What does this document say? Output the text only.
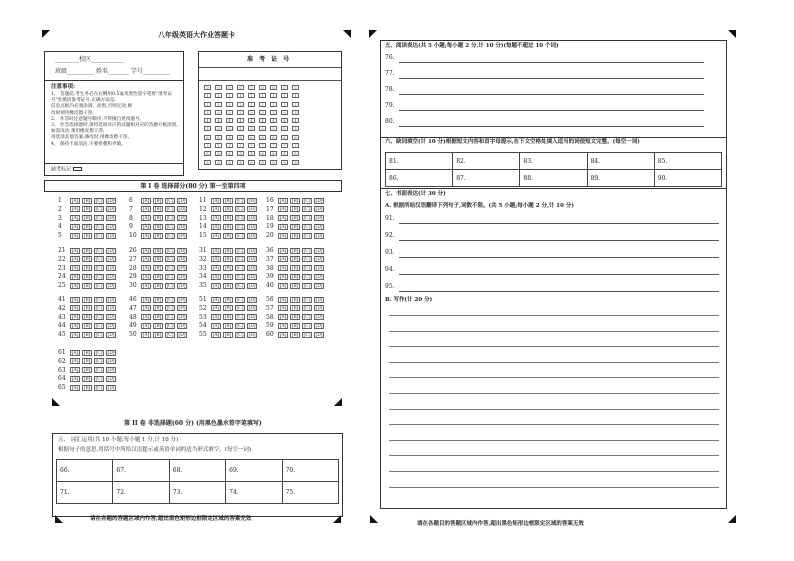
八年级英语大作业答题卡
________校区___________
班级_________ 姓名_______ 学号_________
注意事项:
1、 答题前,考生务必在右侧用0.5毫米黑色签字笔将"准考证号"处填清准考证号,正确方法是:
信息点框内必须涂满、涂黑,否则无效;修
改时须用橡皮擦干净。
2、 作答时注意题号顺序,不得擅自更改题号。
3、 作答选择题时,须将选项对应的试题相对应的答题方框涂黑,如需改动,须用橡皮擦干净,
再选涂其他答案;修改时,用橡皮擦干净。
4、 保持卡面清洁,不要折叠和弄破。
缺考标记
准 考 证 号
0	0	0	0	0	0	0	0	0
1	1	1	1	1	1	1	1	1
2	2	2	2	2	2	2	2	2
3	3	3	3	3	3	3	3	3
4	4	4	4	4	4	4	4	4
5	5	5	5	5	5	5	5	5
6	6	6	6	6	6	6	6	6
7	7	7	7	7	7	7	7	7
8	8	8	8	8	8	8	8	8
9	9	9	9	9	9	9	9	9
第 I 卷 选择部分(80 分) 第一至第四项
1 [A] [B] [C] [D]
2 [A] [B] [C] [D]
3 [A] [B] [C] [D]
4 [A] [B] [C] [D]
5 [A] [B] [C] [D]
6 [A] [B] [C] [D]
7 [A] [B] [C] [D]
8 [A] [B] [C] [D]
9 [A] [B] [C] [D]
10 [A] [B] [C] [D]
11 [A] [B] [C] [D]
12 [A] [B] [C] [D]
13 [A] [B] [C] [D]
14 [A] [B] [C] [D]
15 [A] [B] [C] [D]
16 [A] [B] [C] [D]
17 [A] [B] [C] [D]
18 [A] [B] [C] [D]
19 [A] [B] [C] [D]
20 [A] [B] [C] [D]
21 [A] [B] [C] [D]
22 [A] [B] [C] [D]
23 [A] [B] [C] [D]
24 [A] [B] [C] [D]
25 [A] [B] [C] [D]
26 [A] [B] [C] [D]
27 [A] [B] [C] [D]
28 [A] [B] [C] [D]
29 [A] [B] [C] [D]
30 [A] [B] [C] [D]
31 [A] [B] [C] [D]
32 [A] [B] [C] [D]
33 [A] [B] [C] [D]
34 [A] [B] [C] [D]
35 [A] [B] [C] [D]
36 [A] [B] [C] [D]
37 [A] [B] [C] [D]
38 [A] [B] [C] [D]
39 [A] [B] [C] [D]
40 [A] [B] [C] [D]
41 [A] [B] [C] [D]
42 [A] [B] [C] [D]
43 [A] [B] [C] [D]
44 [A] [B] [C] [D]
45 [A] [B] [C] [D]
46 [A] [B] [C] [D]
47 [A] [B] [C] [D]
48 [A] [B] [C] [D]
49 [A] [B] [C] [D]
50 [A] [B] [C] [D]
51 [A] [B] [C] [D]
52 [A] [B] [C] [D]
53 [A] [B] [C] [D]
54 [A] [B] [C] [D]
55 [A] [B] [C] [D]
56 [A] [B] [C] [D]
57 [A] [B] [C] [D]
58 [A] [B] [C] [D]
59 [A] [B] [C] [D]
60 [A] [B] [C] [D]
61 [A] [B] [C] [D]
62 [A] [B] [C] [D]
63 [A] [B] [C] [D]
64 [A] [B] [C] [D]
65 [A] [B] [C] [D]
第 II 卷 非选择题(60 分) (用黑色墨水签字笔填写)
五、 词汇运用(共 10 小题;每小题 1 分,计 10 分)
根据句子的意思,用括号中所给汉语提示或英语单词的适当形式填空。(每空一词)
66.	67.	68.	69.	70.
71.	72.	73.	74.	75.
请在各题的答题区域内作答,超出黑色矩形边框限定区域的答案无效
五、阅读表达(共 5 小题;每小题 2 分,计 10 分)(每题不超过 10 个词)
76.
77.
78.
79.
80.
六、缺词填空(计 10 分)根据短文内容和首字母提示,在下文空格处填入适当的词使短文完整。(每空一词)
81.	82.	83.	84.	85.
86.	87.	88.	89.	90.
七、书面表达(计 30 分)
A. 根据所给汉语翻译下列句子,词数不限。(共 5 小题;每小题 2 分,计 10 分)
91.
92.
93.
94.
95.
B. 写作(计 20 分)
请在各题目的答题区域内作答,超出黑色矩形边框限定区域的答案无效
